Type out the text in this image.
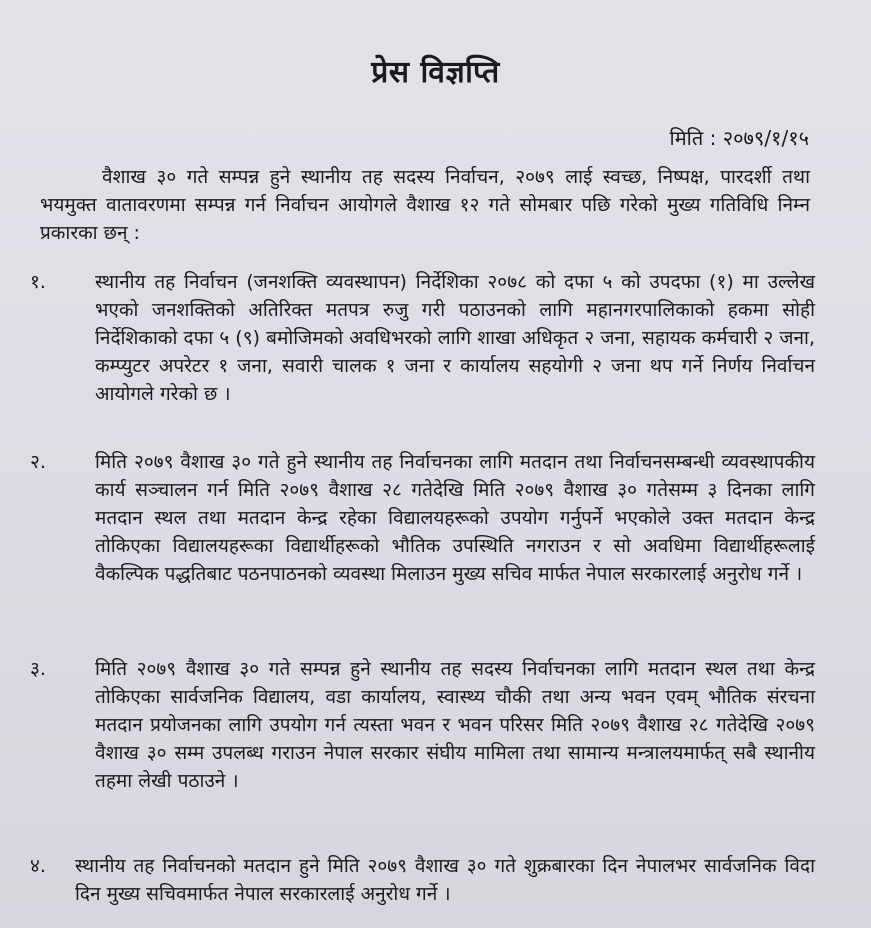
प्रेस विज्ञप्ति
मिति : २०७९/१/१५
वैशाख ३० गते सम्पन्न हुने स्थानीय तह सदस्य निर्वाचन, २०७९ लाई स्वच्छ, निष्पक्ष, पारदर्शी तथा भयमुक्त वातावरणमा सम्पन्न गर्न निर्वाचन आयोगले वैशाख १२ गते सोमबार पछि गरेको मुख्य गतिविधि निम्न प्रकारका छन् :
१.	स्थानीय तह निर्वाचन (जनशक्ति व्यवस्थापन) निर्देशिका २०७८ को दफा ५ को उपदफा (१) मा उल्लेख भएको जनशक्तिको अतिरिक्त मतपत्र रुजु गरी पठाउनको लागि महानगरपालिकाको हकमा सोही निर्देशिकाको दफा ५ (९) बमोजिमको अवधिभरको लागि शाखा अधिकृत २ जना, सहायक कर्मचारी २ जना, कम्प्युटर अपरेटर १ जना, सवारी चालक १ जना र कार्यालय सहयोगी २ जना थप गर्ने निर्णय निर्वाचन आयोगले गरेको छ ।
२.	मिति २०७९ वैशाख ३० गते हुने स्थानीय तह निर्वाचनका लागि मतदान तथा निर्वाचनसम्बन्धी व्यवस्थापकीय कार्य सञ्चालन गर्न मिति २०७९ वैशाख २८ गतेदेखि मिति २०७९ वैशाख ३० गतेसम्म ३ दिनका लागि मतदान स्थल तथा मतदान केन्द्र रहेका विद्यालयहरूको उपयोग गर्नुपर्ने भएकोले उक्त मतदान केन्द्र तोकिएका विद्यालयहरूका विद्यार्थीहरूको भौतिक उपस्थिति नगराउन र सो अवधिमा विद्यार्थीहरूलाई वैकल्पिक पद्धतिबाट पठनपाठनको व्यवस्था मिलाउन मुख्य सचिव मार्फत नेपाल सरकारलाई अनुरोध गर्ने ।
३.	मिति २०७९ वैशाख ३० गते सम्पन्न हुने स्थानीय तह सदस्य निर्वाचनका लागि मतदान स्थल तथा केन्द्र तोकिएका सार्वजनिक विद्यालय, वडा कार्यालय, स्वास्थ्य चौकी तथा अन्य भवन एवम् भौतिक संरचना मतदान प्रयोजनका लागि उपयोग गर्न त्यस्ता भवन र भवन परिसर मिति २०७९ वैशाख २८ गतेदेखि २०७९ वैशाख ३० सम्म उपलब्ध गराउन नेपाल सरकार संघीय मामिला तथा सामान्य मन्त्रालयमार्फत् सबै स्थानीय तहमा लेखी पठाउने ।
४.	स्थानीय तह निर्वाचनको मतदान हुने मिति २०७९ वैशाख ३० गते शुक्रबारका दिन नेपालभर सार्वजनिक विदा दिन मुख्य सचिवमार्फत नेपाल सरकारलाई अनुरोध गर्ने ।
